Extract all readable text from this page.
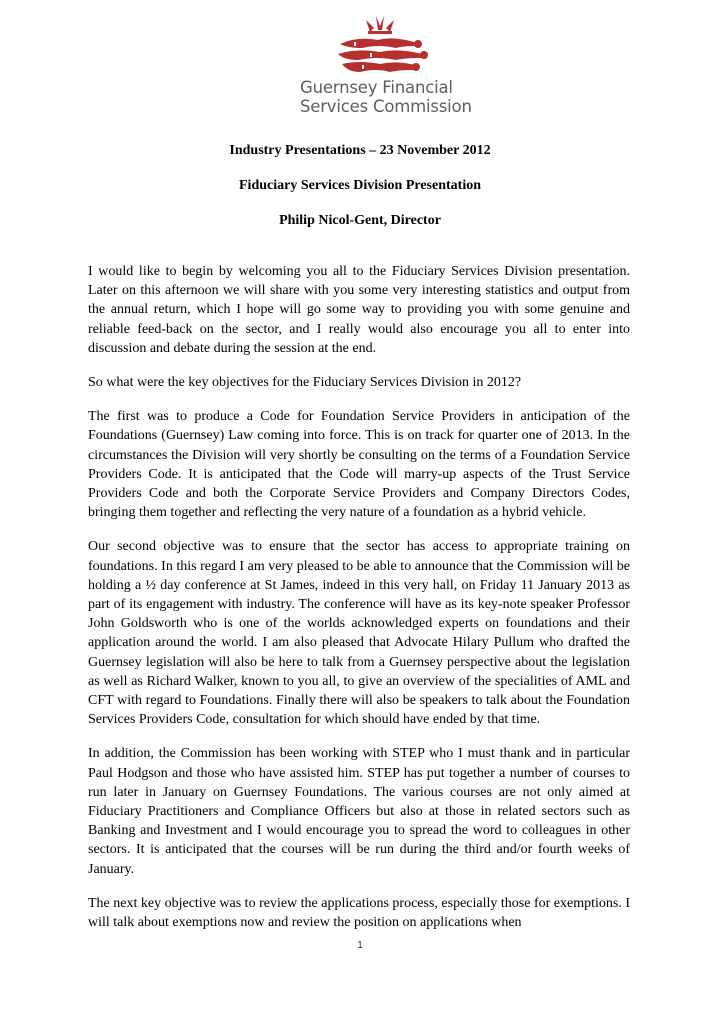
Guernsey Financial
Services Commission
Industry Presentations – 23 November 2012
Fiduciary Services Division Presentation
Philip Nicol-Gent, Director

I would like to begin by welcoming you all to the Fiduciary Services Division presentation. Later on this afternoon we will share with you some very interesting statistics and output from the annual return, which I hope will go some way to providing you with some genuine and reliable feed-back on the sector, and I really would also encourage you all to enter into discussion and debate during the session at the end.

So what were the key objectives for the Fiduciary Services Division in 2012?

The first was to produce a Code for Foundation Service Providers in anticipation of the Foundations (Guernsey) Law coming into force. This is on track for quarter one of 2013. In the circumstances the Division will very shortly be consulting on the terms of a Foundation Service Providers Code. It is anticipated that the Code will marry-up aspects of the Trust Service Providers Code and both the Corporate Service Providers and Company Directors Codes, bringing them together and reflecting the very nature of a foundation as a hybrid vehicle.

Our second objective was to ensure that the sector has access to appropriate training on foundations. In this regard I am very pleased to be able to announce that the Commission will be holding a ½ day conference at St James, indeed in this very hall, on Friday 11 January 2013 as part of its engagement with industry. The conference will have as its key-note speaker Professor John Goldsworth who is one of the worlds acknowledged experts on foundations and their application around the world. I am also pleased that Advocate Hilary Pullum who drafted the Guernsey legislation will also be here to talk from a Guernsey perspective about the legislation as well as Richard Walker, known to you all, to give an overview of the specialities of AML and CFT with regard to Foundations. Finally there will also be speakers to talk about the Foundation Services Providers Code, consultation for which should have ended by that time.

In addition, the Commission has been working with STEP who I must thank and in particular Paul Hodgson and those who have assisted him. STEP has put together a number of courses to run later in January on Guernsey Foundations. The various courses are not only aimed at Fiduciary Practitioners and Compliance Officers but also at those in related sectors such as Banking and Investment and I would encourage you to spread the word to colleagues in other sectors. It is anticipated that the courses will be run during the third and/or fourth weeks of January.

The next key objective was to review the applications process, especially those for exemptions. I will talk about exemptions now and review the position on applications when

1
